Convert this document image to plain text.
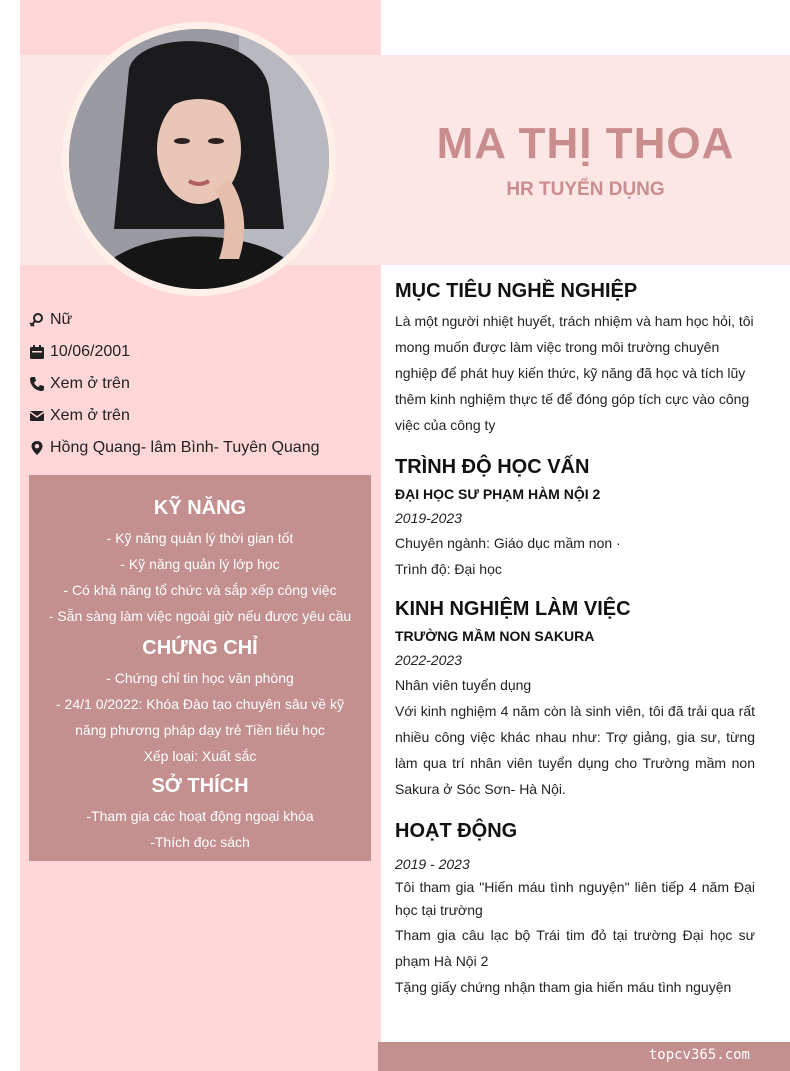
MA THỊ THOA
HR TUYỂN DỤNG
Nữ
10/06/2001
Xem ở trên
Xem ở trên
Hồng Quang- lâm Bình- Tuyên Quang
KỸ NĂNG
- Kỹ năng quản lý thời gian tốt
- Kỹ năng quản lý lớp học
- Có khả năng tổ chức và sắp xếp công việc
- Sẵn sàng làm việc ngoài giờ nếu được yêu cầu
CHỨNG CHỈ
- Chứng chỉ tin học văn phòng
- 24/1 0/2022: Khóa Đào tạo chuyên sâu về kỹ năng phương pháp dạy trẻ Tiền tiểu học
Xếp loại: Xuất sắc
SỞ THÍCH
-Tham gia các hoạt động ngoại khóa
-Thích đọc sách
MỤC TIÊU NGHỀ NGHIỆP
Là một người nhiệt huyết, trách nhiệm và ham học hỏi, tôi mong muốn được làm việc trong môi trường chuyên nghiệp để phát huy kiến thức, kỹ năng đã học và tích lũy thêm kinh nghiệm thực tế để đóng góp tích cực vào công việc của công ty
TRÌNH ĐỘ HỌC VẤN
ĐẠI HỌC SƯ PHẠM HÀM NỘI 2
2019-2023
Chuyên ngành: Giáo dục mầm non ·
Trình độ: Đại học
KINH NGHIỆM LÀM VIỆC
TRƯỜNG MẦM NON SAKURA
2022-2023
Nhân viên tuyển dụng
Với kinh nghiệm 4 năm còn là sinh viên, tôi đã trải qua rất nhiều công việc khác nhau như: Trợ giảng, gia sư, từng làm qua trí nhân viên tuyển dụng cho Trường mầm non Sakura ở Sóc Sơn- Hà Nội.
HOẠT ĐỘNG
2019 - 2023
Tôi tham gia "Hiến máu tình nguyện" liên tiếp 4 năm Đại học tại trường
Tham gia câu lạc bộ Trái tim đỏ tại trường Đại học sư phạm Hà Nội 2
Tặng giấy chứng nhận tham gia hiến máu tình nguyện
topcv365.com
